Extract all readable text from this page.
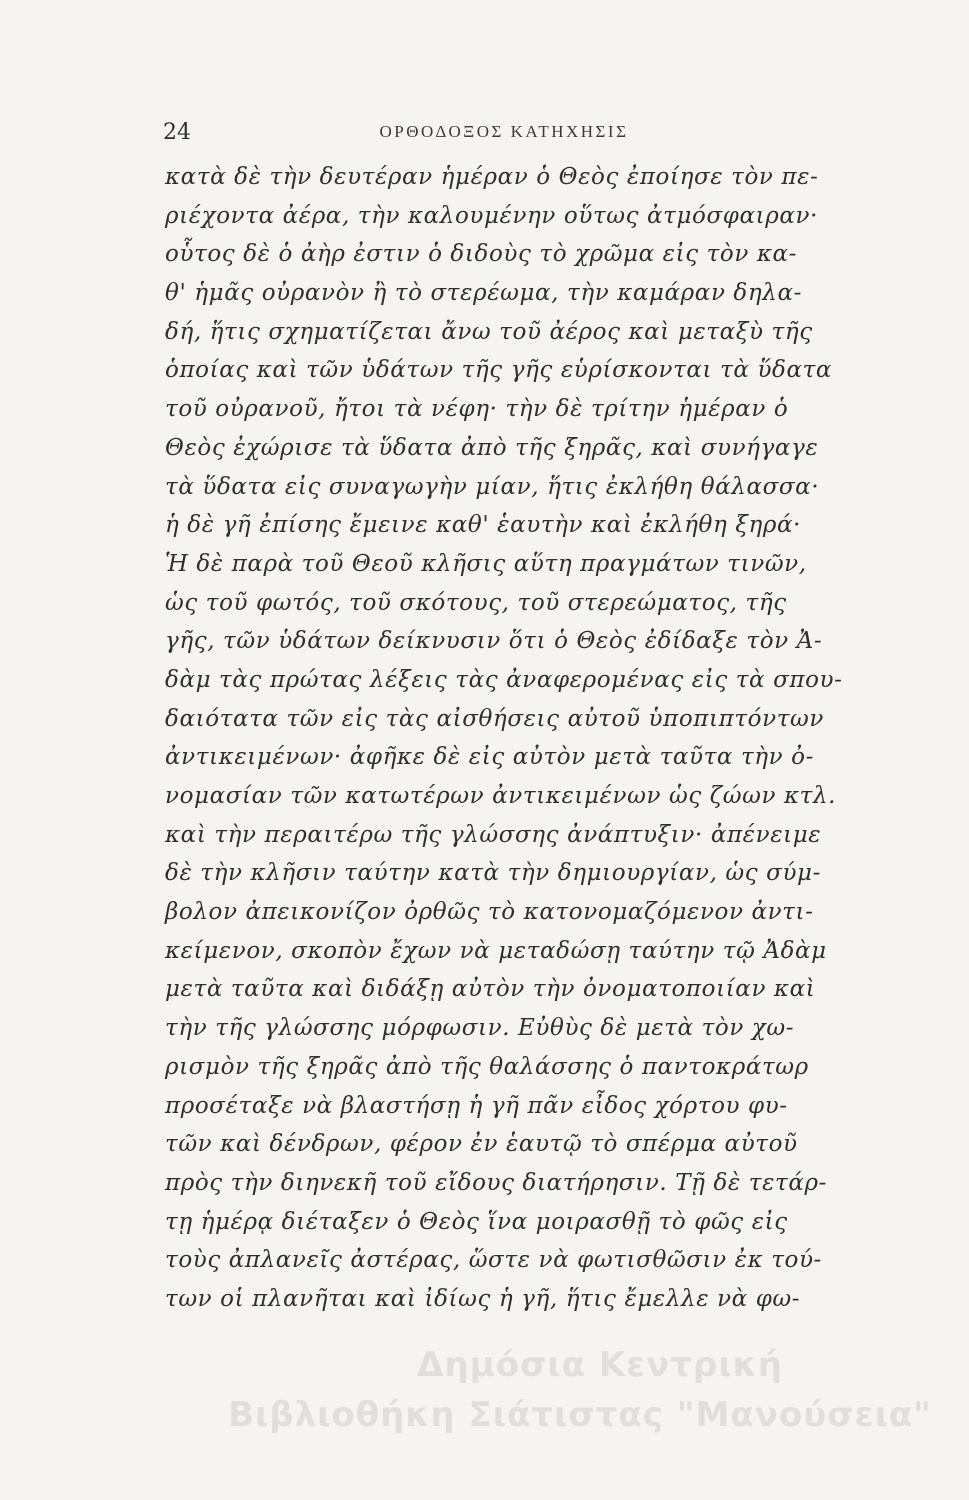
24	ΟΡΘΟΔΟΞΟΣ ΚΑΤΗΧΗΣΙΣ
κατὰ δὲ τὴν δευτέραν ἡμέραν ὁ Θεὸς ἐποίησε τὸν πε-
ριέχοντα ἀέρα, τὴν καλουμένην οὕτως ἀτμόσφαιραν·
οὗτος δὲ ὁ ἀὴρ ἐστιν ὁ διδοὺς τὸ χρῶμα εἰς τὸν κα-
θ' ἡμᾶς οὐρανὸν ἢ τὸ στερέωμα, τὴν καμάραν δηλα-
δή, ἥτις σχηματίζεται ἄνω τοῦ ἀέρος καὶ μεταξὺ τῆς
ὁποίας καὶ τῶν ὑδάτων τῆς γῆς εὑρίσκονται τὰ ὕδατα
τοῦ οὐρανοῦ, ἤτοι τὰ νέφη· τὴν δὲ τρίτην ἡμέραν ὁ
Θεὸς ἐχώρισε τὰ ὕδατα ἀπὸ τῆς ξηρᾶς, καὶ συνήγαγε
τὰ ὕδατα εἰς συναγωγὴν μίαν, ἥτις ἐκλήθη θάλασσα·
ἡ δὲ γῆ ἐπίσης ἔμεινε καθ' ἑαυτὴν καὶ ἐκλήθη ξηρά·
Ἡ δὲ παρὰ τοῦ Θεοῦ κλῆσις αὕτη πραγμάτων τινῶν,
ὡς τοῦ φωτός, τοῦ σκότους, τοῦ στερεώματος, τῆς
γῆς, τῶν ὑδάτων δείκνυσιν ὅτι ὁ Θεὸς ἐδίδαξε τὸν Ἀ-
δὰμ τὰς πρώτας λέξεις τὰς ἀναφερομένας εἰς τὰ σπου-
δαιότατα τῶν εἰς τὰς αἰσθήσεις αὐτοῦ ὑποπιπτόντων
ἀντικειμένων· ἀφῆκε δὲ εἰς αὐτὸν μετὰ ταῦτα τὴν ὀ-
νομασίαν τῶν κατωτέρων ἀντικειμένων ὡς ζώων κτλ.
καὶ τὴν περαιτέρω τῆς γλώσσης ἀνάπτυξιν· ἀπένειμε
δὲ τὴν κλῆσιν ταύτην κατὰ τὴν δημιουργίαν, ὡς σύμ-
βολον ἀπεικονίζον ὀρθῶς τὸ κατονομαζόμενον ἀντι-
κείμενον, σκοπὸν ἔχων νὰ μεταδώσῃ ταύτην τῷ Ἀδὰμ
μετὰ ταῦτα καὶ διδάξῃ αὐτὸν τὴν ὀνοματοποιίαν καὶ
τὴν τῆς γλώσσης μόρφωσιν. Εὐθὺς δὲ μετὰ τὸν χω-
ρισμὸν τῆς ξηρᾶς ἀπὸ τῆς θαλάσσης ὁ παντοκράτωρ
προσέταξε νὰ βλαστήσῃ ἡ γῆ πᾶν εἶδος χόρτου φυ-
τῶν καὶ δένδρων, φέρον ἐν ἑαυτῷ τὸ σπέρμα αὐτοῦ
πρὸς τὴν διηνεκῆ τοῦ εἴδους διατήρησιν. Τῇ δὲ τετάρ-
τῃ ἡμέρᾳ διέταξεν ὁ Θεὸς ἵνα μοιρασθῇ τὸ φῶς εἰς
τοὺς ἀπλανεῖς ἀστέρας, ὥστε νὰ φωτισθῶσιν ἐκ τού-
των οἱ πλανῆται καὶ ἰδίως ἡ γῆ, ἥτις ἔμελλε νὰ φω-
Δημόσια Κεντρική
Βιβλιοθήκη Σιάτιστας "Μανούσεια"
